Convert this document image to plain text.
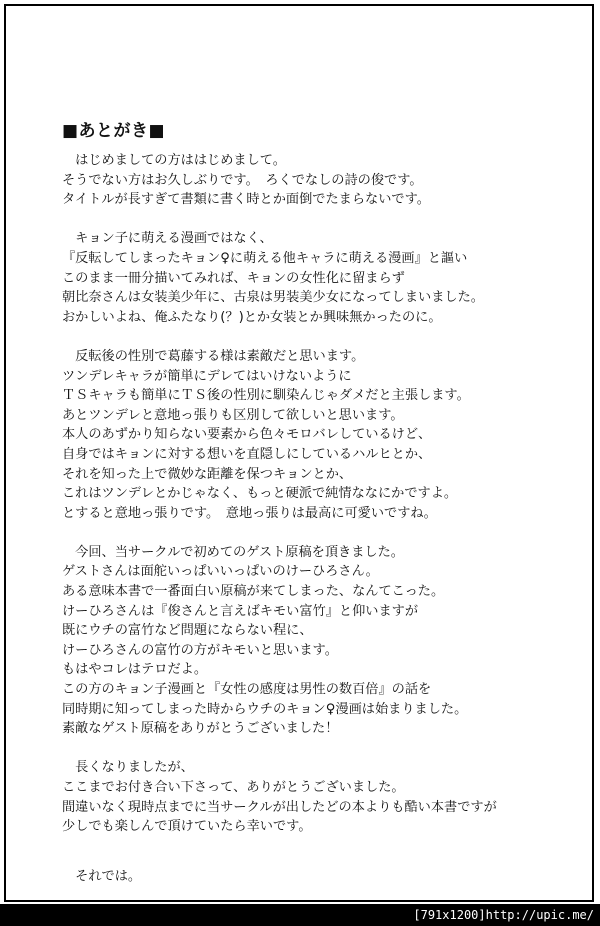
■あとがき■
　はじめましての方ははじめまして。
そうでない方はお久しぶりです。　ろくでなしの詩の俊です。
タイトルが長すぎて書類に書く時とか面倒でたまらないです。
　キョン子に萌える漫画ではなく、
『反転してしまったキョン♀に萌える他キャラに萌える漫画』と謳い
このまま一冊分描いてみれば、キョンの女性化に留まらず
朝比奈さんは女装美少年に、古泉は男装美少女になってしまいました。
おかしいよね、俺ふたなり(？)とか女装とか興味無かったのに。
　反転後の性別で葛藤する様は素敵だと思います。
ツンデレキャラが簡単にデレてはいけないように
ＴＳキャラも簡単にＴＳ後の性別に馴染んじゃダメだと主張します。
あとツンデレと意地っ張りも区別して欲しいと思います。
本人のあずかり知らない要素から色々モロバレしているけど、
自身ではキョンに対する想いを直隠しにしているハルヒとか、
それを知った上で微妙な距離を保つキョンとか、
これはツンデレとかじゃなく、もっと硬派で純情ななにかですよ。
とすると意地っ張りです。　意地っ張りは最高に可愛いですね。
　今回、当サークルで初めてのゲスト原稿を頂きました。
ゲストさんは面舵いっぱいいっぱいのけーひろさん。
ある意味本書で一番面白い原稿が来てしまった、なんてこった。
けーひろさんは『俊さんと言えばキモい富竹』と仰いますが
既にウチの富竹など問題にならない程に、
けーひろさんの富竹の方がキモいと思います。
もはやコレはテロだよ。
この方のキョン子漫画と『女性の感度は男性の数百倍』の話を
同時期に知ってしまった時からウチのキョン♀漫画は始まりました。
素敵なゲスト原稿をありがとうございました！
　長くなりましたが、
ここまでお付き合い下さって、ありがとうございました。
間違いなく現時点までに当サークルが出したどの本よりも酷い本書ですが
少しでも楽しんで頂けていたら幸いです。
　それでは。
[791x1200]http://upic.me/
